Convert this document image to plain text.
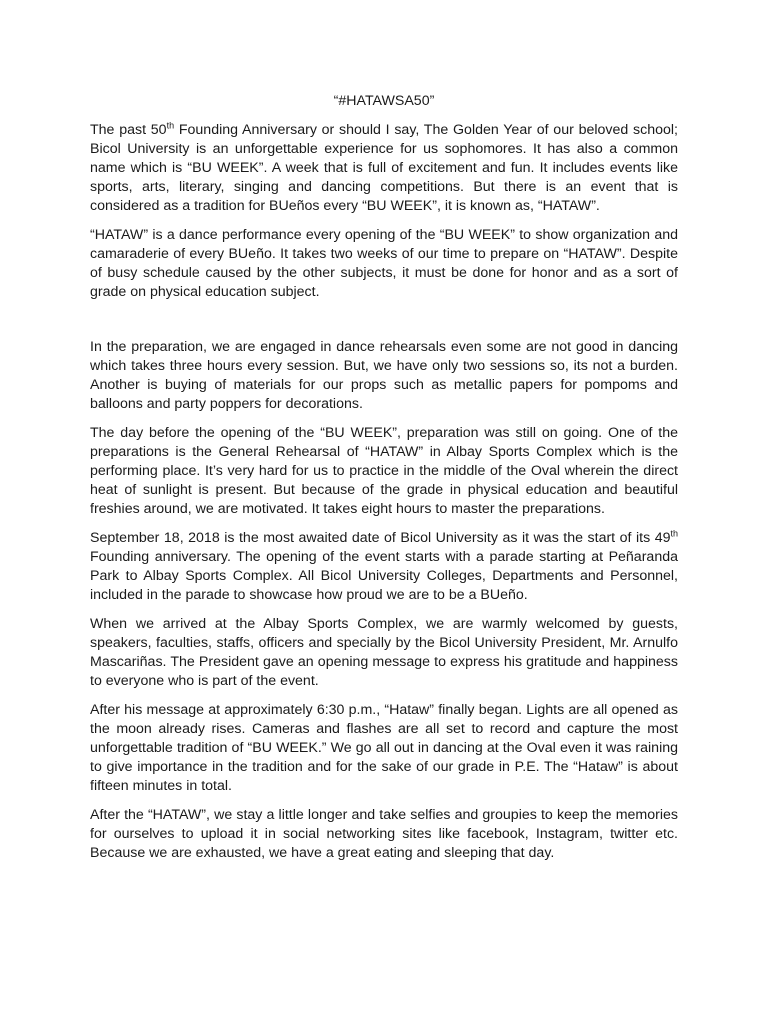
“#HATAWSA50”

The past 50th Founding Anniversary or should I say, The Golden Year of our beloved school; Bicol University is an unforgettable experience for us sophomores. It has also a common name which is “BU WEEK”. A week that is full of excitement and fun. It includes events like sports, arts, literary, singing and dancing competitions. But there is an event that is considered as a tradition for BUeños every “BU WEEK”, it is known as, “HATAW”.

“HATAW” is a dance performance every opening of the “BU WEEK” to show organization and camaraderie of every BUeño. It takes two weeks of our time to prepare on “HATAW”. Despite of busy schedule caused by the other subjects, it must be done for honor and as a sort of grade on physical education subject.

In the preparation, we are engaged in dance rehearsals even some are not good in dancing which takes three hours every session. But, we have only two sessions so, its not a burden. Another is buying of materials for our props such as metallic papers for pompoms and balloons and party poppers for decorations.

The day before the opening of the “BU WEEK”, preparation was still on going. One of the preparations is the General Rehearsal of “HATAW” in Albay Sports Complex which is the performing place. It’s very hard for us to practice in the middle of the Oval wherein the direct heat of sunlight is present. But because of the grade in physical education and beautiful freshies around, we are motivated. It takes eight hours to master the preparations.

September 18, 2018 is the most awaited date of Bicol University as it was the start of its 49th Founding anniversary. The opening of the event starts with a parade starting at Peñaranda Park to Albay Sports Complex. All Bicol University Colleges, Departments and Personnel, included in the parade to showcase how proud we are to be a BUeño.

When we arrived at the Albay Sports Complex, we are warmly welcomed by guests, speakers, faculties, staffs, officers and specially by the Bicol University President, Mr. Arnulfo Mascariñas. The President gave an opening message to express his gratitude and happiness to everyone who is part of the event.

After his message at approximately 6:30 p.m., “Hataw” finally began. Lights are all opened as the moon already rises. Cameras and flashes are all set to record and capture the most unforgettable tradition of “BU WEEK.” We go all out in dancing at the Oval even it was raining to give importance in the tradition and for the sake of our grade in P.E. The “Hataw” is about fifteen minutes in total.

After the “HATAW”, we stay a little longer and take selfies and groupies to keep the memories for ourselves to upload it in social networking sites like facebook, Instagram, twitter etc. Because we are exhausted, we have a great eating and sleeping that day.
